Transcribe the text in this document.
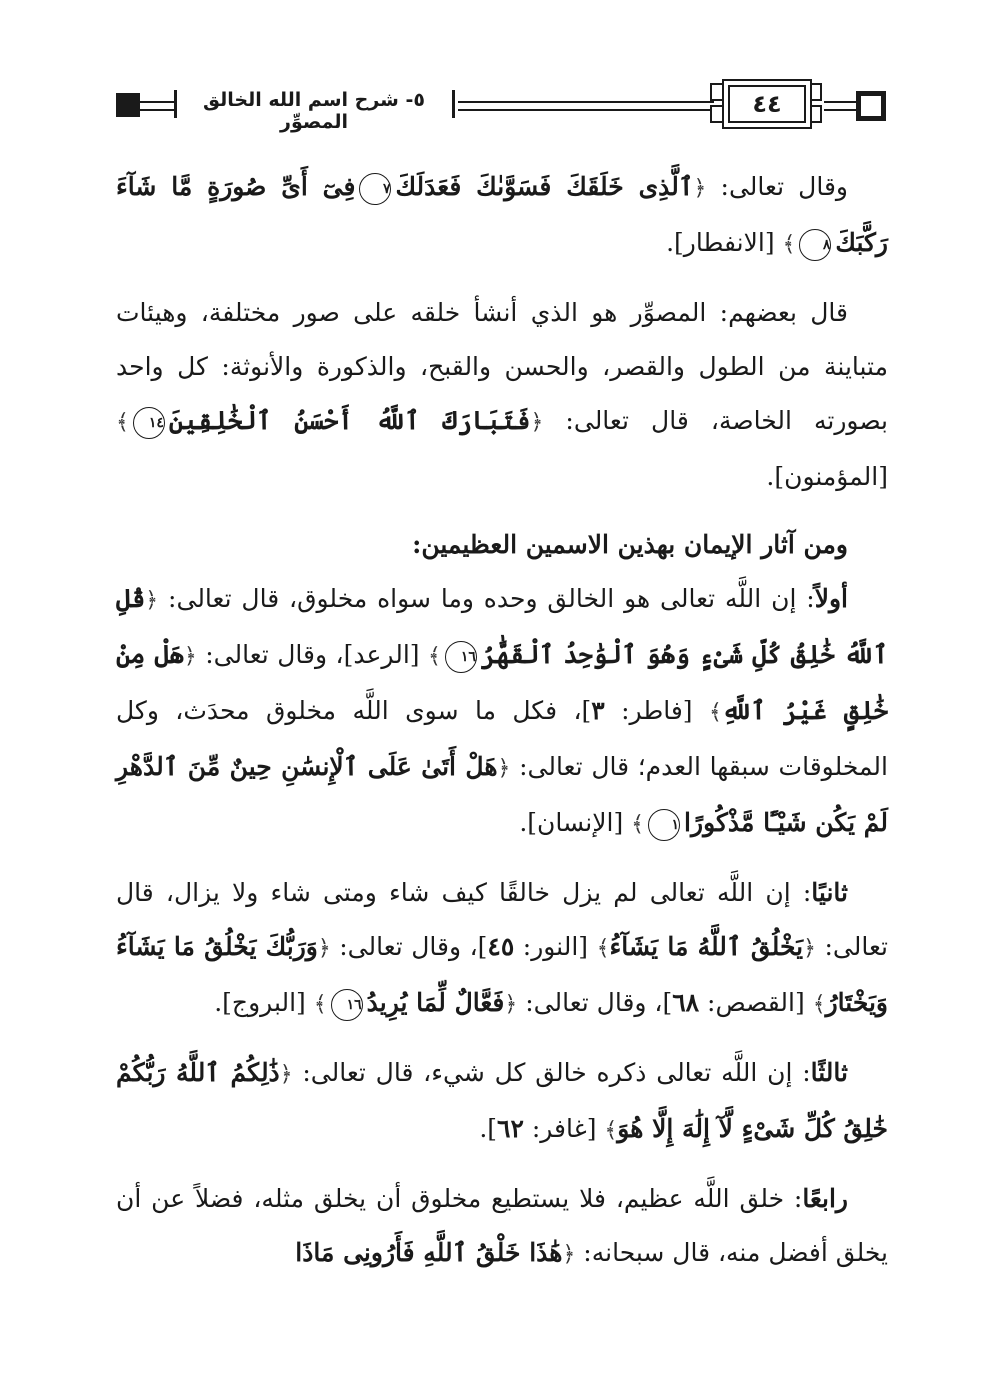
٥- شرح اسم الله الخالق المصوِّر
٤٤

وقال تعالى: ﴿ٱلَّذِى خَلَقَكَ فَسَوَّىٰكَ فَعَدَلَكَ٧فِىٓ أَىِّ صُورَةٍ مَّا شَآءَ رَكَّبَكَ٨﴾ [الانفطار].

قال بعضهم: المصوِّر هو الذي أنشأ خلقه على صور مختلفة، وهيئات متباينة من الطول والقصر، والحسن والقبح، والذكورة والأنوثة: كل واحد بصورته الخاصة، قال تعالى: ﴿فَتَبَارَكَ ٱللَّهُ أَحْسَنُ ٱلْخَٰلِقِينَ١٤﴾ [المؤمنون].

ومن آثار الإيمان بهذين الاسمين العظيمين:

أولاً: إن اللَّه تعالى هو الخالق وحده وما سواه مخلوق، قال تعالى: ﴿قُلِ ٱللَّهُ خَٰلِقُ كُلِّ شَىْءٍ وَهُوَ ٱلْوَٰحِدُ ٱلْقَهَّٰرُ١٦﴾ [الرعد]، وقال تعالى: ﴿هَلْ مِنْ خَٰلِقٍ غَيْرُ ٱللَّهِ﴾ [فاطر: ٣]، فكل ما سوى اللَّه مخلوق محدَث، وكل المخلوقات سبقها العدم؛ قال تعالى: ﴿هَلْ أَتَىٰ عَلَى ٱلْإِنسَٰنِ حِينٌ مِّنَ ٱلدَّهْرِ لَمْ يَكُن شَيْـًٔا مَّذْكُورًا١﴾ [الإنسان].

ثانيًا: إن اللَّه تعالى لم يزل خالقًا كيف شاء ومتى شاء ولا يزال، قال تعالى: ﴿يَخْلُقُ ٱللَّهُ مَا يَشَآءُ﴾ [النور: ٤٥]، وقال تعالى: ﴿وَرَبُّكَ يَخْلُقُ مَا يَشَآءُ وَيَخْتَارُ﴾ [القصص: ٦٨]، وقال تعالى: ﴿فَعَّالٌ لِّمَا يُرِيدُ١٦﴾ [البروج].

ثالثًا: إن اللَّه تعالى ذكره خالق كل شيء، قال تعالى: ﴿ذَٰلِكُمُ ٱللَّهُ رَبُّكُمْ خَٰلِقُ كُلِّ شَىْءٍ لَّآ إِلَٰهَ إِلَّا هُوَ﴾ [غافر: ٦٢].

رابعًا: خلق اللَّه عظيم، فلا يستطيع مخلوق أن يخلق مثله، فضلاً عن أن يخلق أفضل منه، قال سبحانه: ﴿هَٰذَا خَلْقُ ٱللَّهِ فَأَرُونِى مَاذَا
